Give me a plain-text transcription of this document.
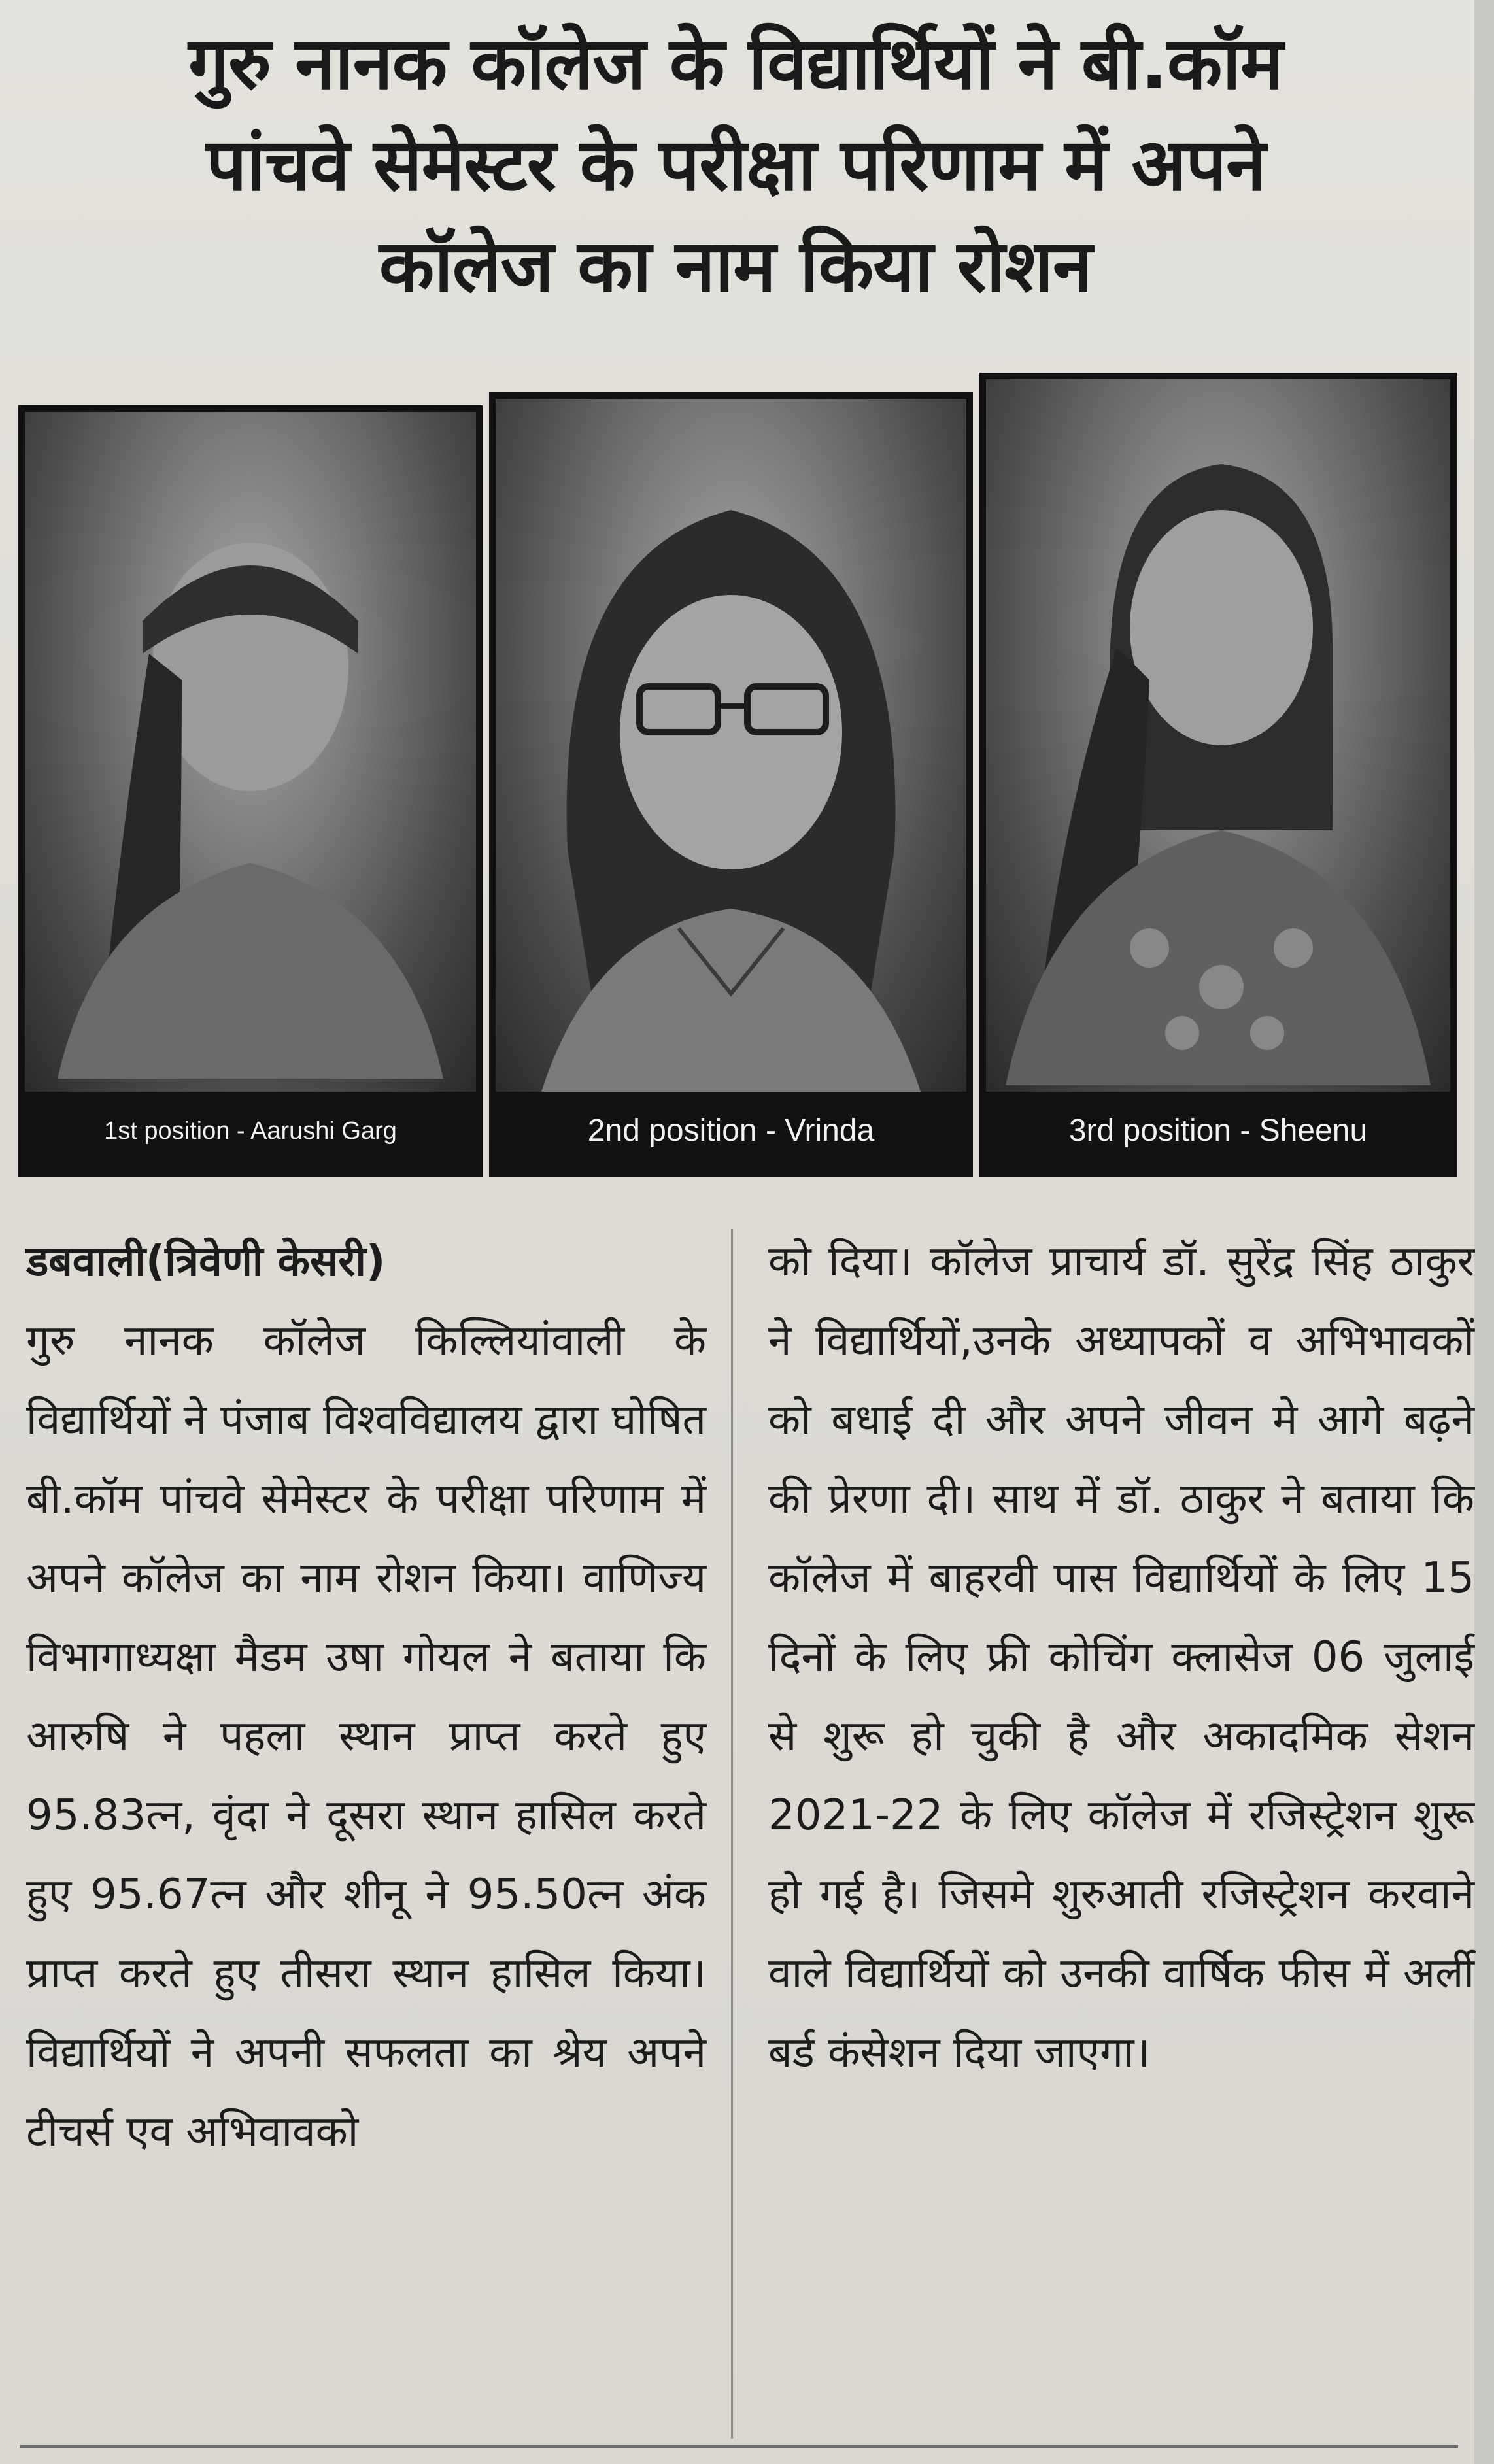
गुरु नानक कॉलेज के विद्यार्थियों ने बी.कॉम
पांचवे सेमेस्टर के परीक्षा परिणाम में अपने
कॉलेज का नाम किया रोशन
1st position - Aarushi Garg	2nd position - Vrinda	3rd position - Sheenu
डबवाली(त्रिवेणी केसरी)
गुरु नानक कॉलेज किल्लियांवाली के विद्यार्थियों ने पंजाब विश्वविद्यालय द्वारा घोषित बी.कॉम पांचवे सेमेस्टर के परीक्षा परिणाम में अपने कॉलेज का नाम रोशन किया। वाणिज्य विभागाध्यक्षा मैडम उषा गोयल ने बताया कि आरुषि ने पहला स्थान प्राप्त करते हुए 95.83त्न, वृंदा ने दूसरा स्थान हासिल करते हुए 95.67त्न और शीनू ने 95.50त्न अंक प्राप्त करते हुए तीसरा स्थान हासिल किया। विद्यार्थियों ने अपनी सफलता का श्रेय अपने टीचर्स एव अभिवावको
को दिया। कॉलेज प्राचार्य डॉ. सुरेंद्र सिंह ठाकुर ने विद्यार्थियों,उनके अध्यापकों व अभिभावकों को बधाई दी और अपने जीवन मे आगे बढ़ने की प्रेरणा दी। साथ में डॉ. ठाकुर ने बताया कि कॉलेज में बाहरवी पास विद्यार्थियों के लिए 15 दिनों के लिए फ्री कोचिंग क्लासेज 06 जुलाई से शुरू हो चुकी है और अकादमिक सेशन 2021-22 के लिए कॉलेज में रजिस्ट्रेशन शुरू हो गई है। जिसमे शुरुआती रजिस्ट्रेशन करवाने वाले विद्यार्थियों को उनकी वार्षिक फीस में अर्ली बर्ड कंसेशन दिया जाएगा।
